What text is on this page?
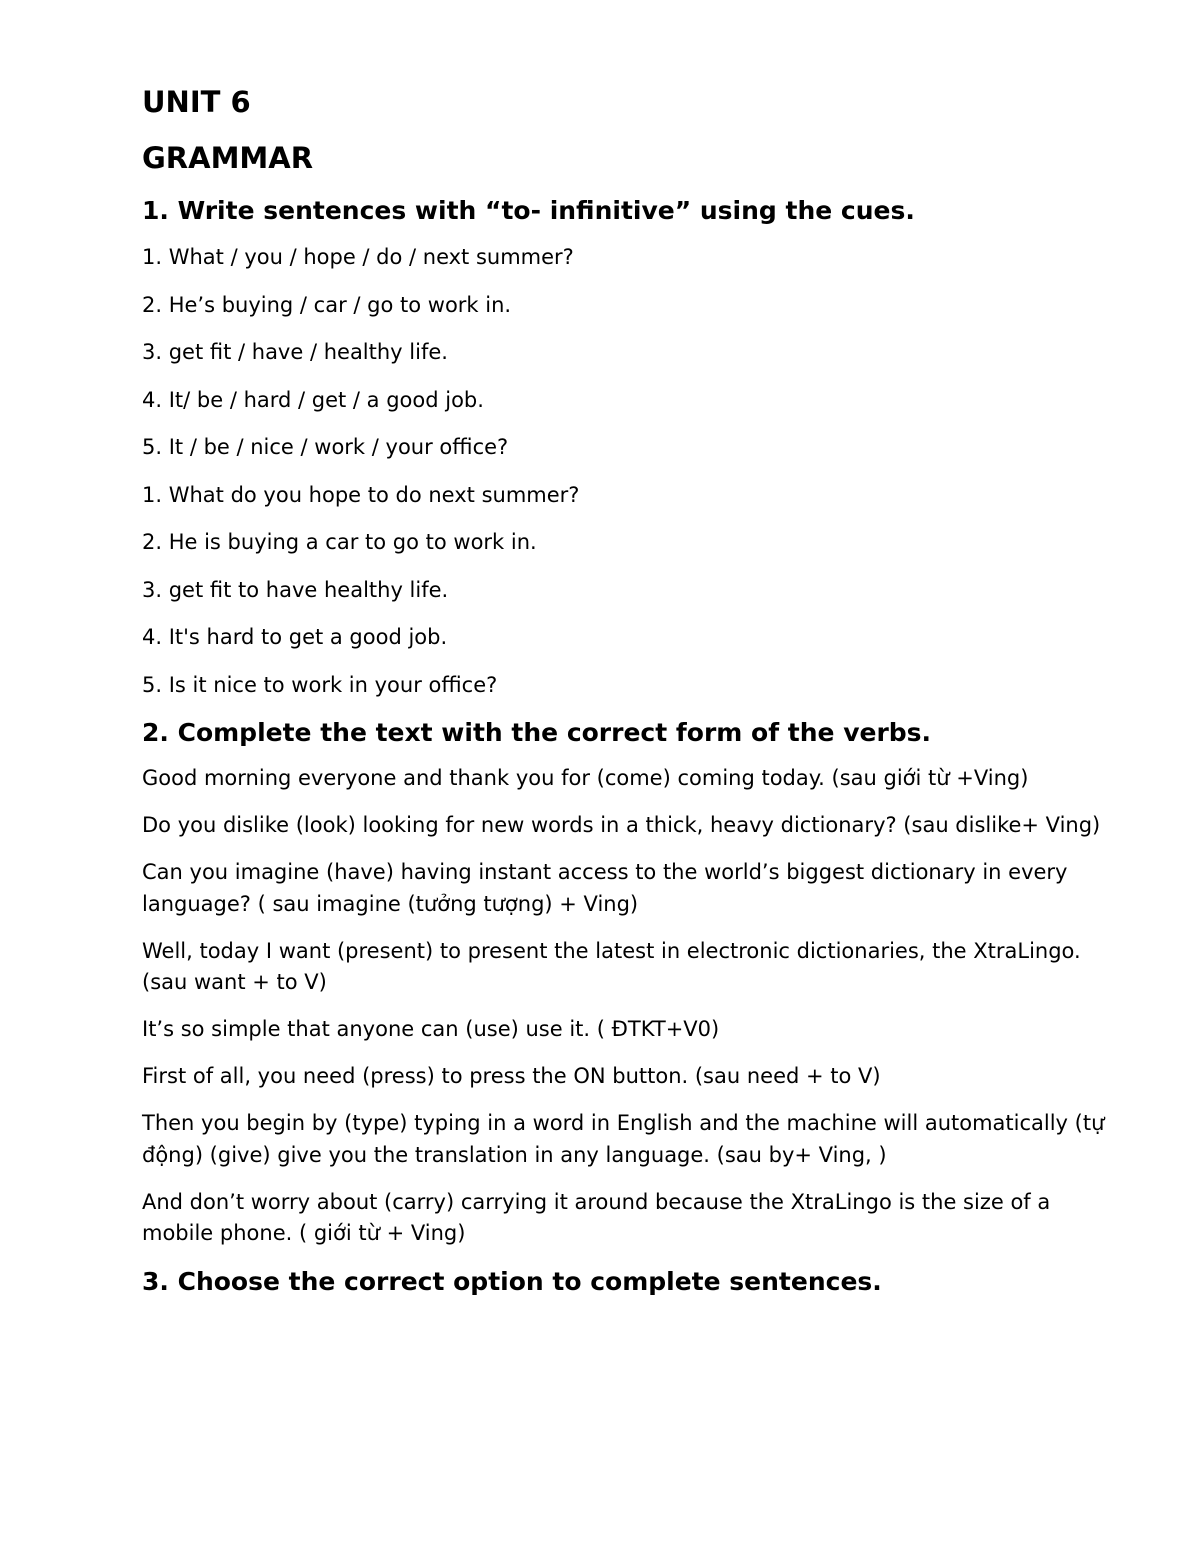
UNIT 6
GRAMMAR
1. Write sentences with “to- infinitive” using the cues.
1. What / you / hope / do / next summer?
2. He’s buying / car / go to work in.
3. get fit / have / healthy life.
4. It/ be / hard / get / a good job.
5. It / be / nice / work / your office?
1. What do you hope to do next summer?
2. He is buying a car to go to work in.
3. get fit to have healthy life.
4. It's hard to get a good job.
5. Is it nice to work in your office?
2. Complete the text with the correct form of the verbs.
Good morning everyone and thank you for (come) coming today. (sau giới từ +Ving)
Do you dislike (look) looking for new words in a thick, heavy dictionary? (sau dislike+ Ving)
Can you imagine (have) having instant access to the world’s biggest dictionary in every language? ( sau imagine (tưởng tượng) + Ving)
Well, today I want (present) to present the latest in electronic dictionaries, the XtraLingo. (sau want + to V)
It’s so simple that anyone can (use) use it. ( ĐTKT+V0)
First of all, you need (press) to press the ON button. (sau need + to V)
Then you begin by (type) typing in a word in English and the machine will automatically (tự động) (give) give you the translation in any language. (sau by+ Ving, )
And don’t worry about (carry) carrying it around because the XtraLingo is the size of a mobile phone. ( giới từ + Ving)
3. Choose the correct option to complete sentences.
